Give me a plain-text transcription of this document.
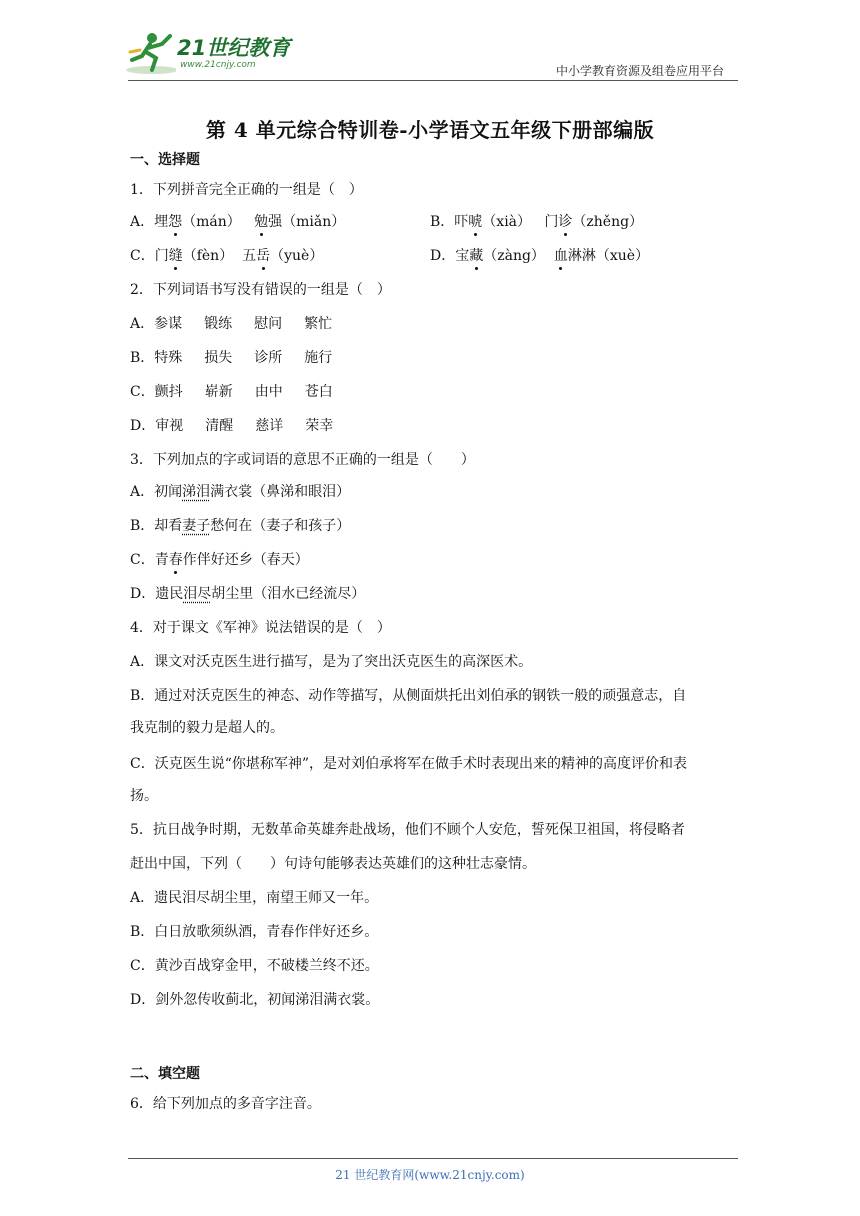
21世纪教育
www.21cnjy.com	中小学教育资源及组卷应用平台
第 4 单元综合特训卷-小学语文五年级下册部编版
一、选择题
1．下列拼音完全正确的一组是（　）
A．埋怨（mán） 勉强（miǎn）	B．吓唬（xià） 门诊（zhěng）
C．门缝（fèn） 五岳（yuè）	D．宝藏（zàng） 血淋淋（xuè）
2．下列词语书写没有错误的一组是（　）
A．参谋 锻练 慰问 繁忙
B．特殊 损失 诊所 施行
C．颤抖 崭新 由中 苍白
D．审视 清醒 慈详 荣幸
3．下列加点的字或词语的意思不正确的一组是（　　）
A．初闻涕泪满衣裳（鼻涕和眼泪）
B．却看妻子愁何在（妻子和孩子）
C．青春作伴好还乡（春天）
D．遗民泪尽胡尘里（泪水已经流尽）
4．对于课文《军神》说法错误的是（　）
A．课文对沃克医生进行描写，是为了突出沃克医生的高深医术。
B．通过对沃克医生的神态、动作等描写，从侧面烘托出刘伯承的钢铁一般的顽强意志，自
我克制的毅力是超人的。
C．沃克医生说“你堪称军神”，是对刘伯承将军在做手术时表现出来的精神的高度评价和表
扬。
5．抗日战争时期，无数革命英雄奔赴战场，他们不顾个人安危，誓死保卫祖国，将侵略者
赶出中国，下列（　　）句诗句能够表达英雄们的这种壮志豪情。
A．遗民泪尽胡尘里，南望王师又一年。
B．白日放歌须纵酒，青春作伴好还乡。
C．黄沙百战穿金甲，不破楼兰终不还。
D．剑外忽传收蓟北，初闻涕泪满衣裳。
二、填空题
6．给下列加点的多音字注音。
21 世纪教育网(www.21cnjy.com)
